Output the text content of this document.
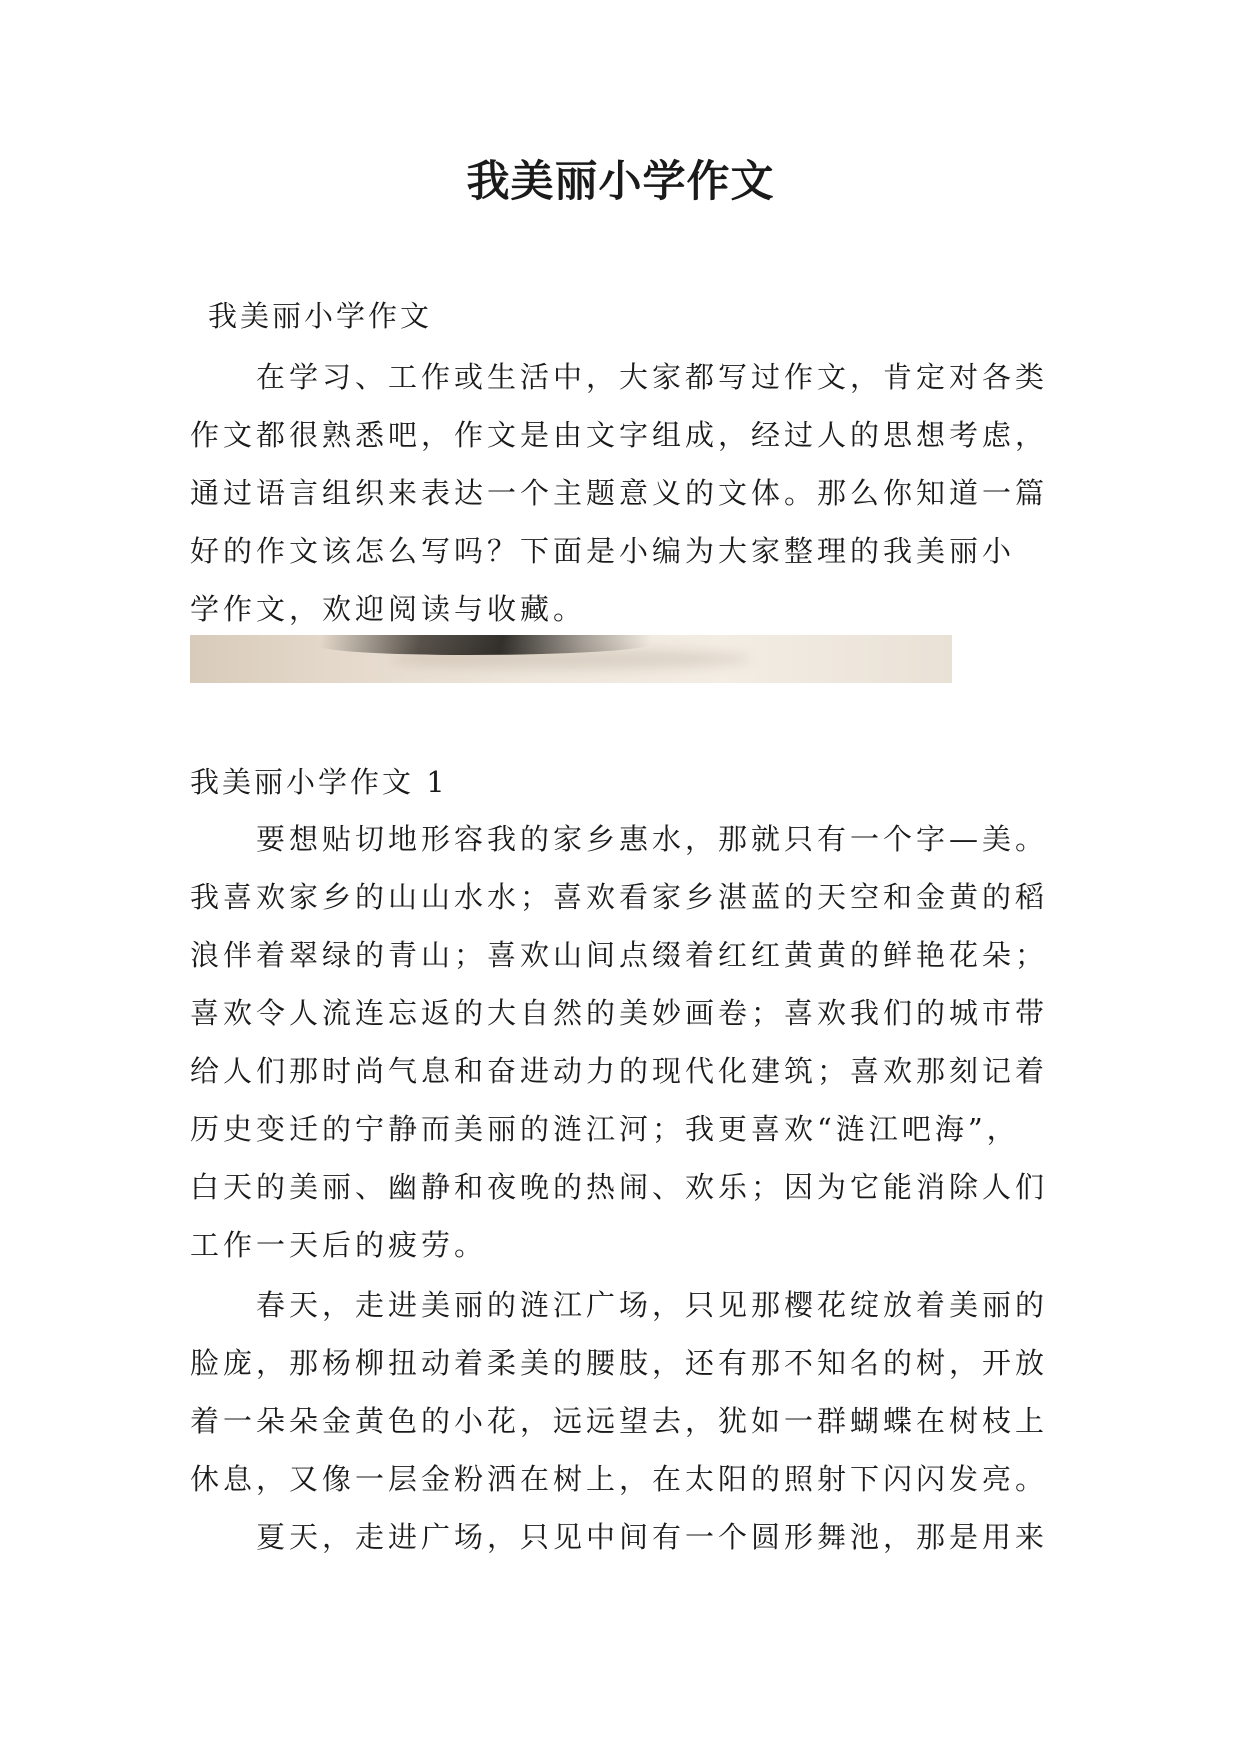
我美丽小学作文

我美丽小学作文

在学习、工作或生活中，大家都写过作文，肯定对各类
作文都很熟悉吧，作文是由文字组成，经过人的思想考虑，
通过语言组织来表达一个主题意义的文体。那么你知道一篇
好的作文该怎么写吗？下面是小编为大家整理的我美丽小
学作文，欢迎阅读与收藏。

我美丽小学作文 1

要想贴切地形容我的家乡惠水，那就只有一个字—美。
我喜欢家乡的山山水水；喜欢看家乡湛蓝的天空和金黄的稻
浪伴着翠绿的青山；喜欢山间点缀着红红黄黄的鲜艳花朵；
喜欢令人流连忘返的大自然的美妙画卷；喜欢我们的城市带
给人们那时尚气息和奋进动力的现代化建筑；喜欢那刻记着
历史变迁的宁静而美丽的涟江河；我更喜欢“涟江吧海”，
白天的美丽、幽静和夜晚的热闹、欢乐；因为它能消除人们
工作一天后的疲劳。
春天，走进美丽的涟江广场，只见那樱花绽放着美丽的
脸庞，那杨柳扭动着柔美的腰肢，还有那不知名的树，开放
着一朵朵金黄色的小花，远远望去，犹如一群蝴蝶在树枝上
休息，又像一层金粉洒在树上，在太阳的照射下闪闪发亮。
夏天，走进广场，只见中间有一个圆形舞池，那是用来
